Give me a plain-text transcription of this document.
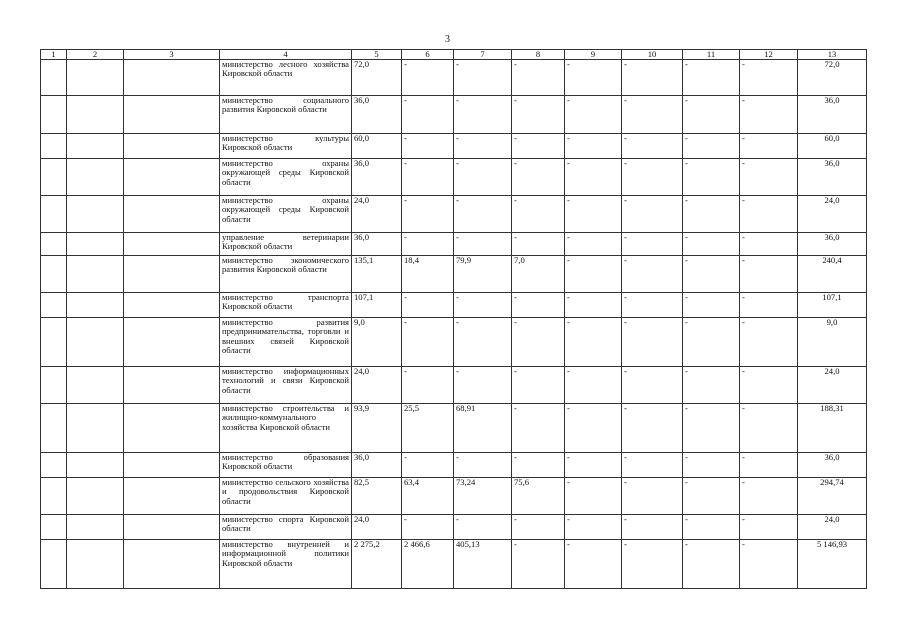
3
1	2	3	4	5	6	7	8	9	10	11	12	13
			министерство лесного хозяйства Кировской области	72,0	-	-	-	-	-	-	-	72,0
			министерство социального развития Кировской области	36,0	-	-	-	-	-	-	-	36,0
			министерство культуры Кировской области	60,0	-	-	-	-	-	-	-	60,0
			министерство охраны окружающей среды Кировской области	36,0	-	-	-	-	-	-	-	36,0
			министерство охраны окружающей среды Кировской области	24,0	-	-	-	-	-	-	-	24,0
			управление ветеринарии Кировской области	36,0	-	-	-	-	-	-	-	36,0
			министерство экономического развития Кировской области	135,1	18,4	79,9	7,0	-	-	-	-	240,4
			министерство транспорта Кировской области	107,1	-	-	-	-	-	-	-	107,1
			министерство развития предпринимательства, торговли и внешних связей Кировской области	9,0	-	-	-	-	-	-	-	9,0
			министерство информационных технологий и связи Кировской области	24,0	-	-	-	-	-	-	-	24,0
			министерство строительства и жилищно-коммунального хозяйства Кировской области	93,9	25,5	68,91	-	-	-	-	-	188,31
			министерство образования Кировской области	36,0	-	-	-	-	-	-	-	36,0
			министерство сельского хозяйства и продовольствия Кировской области	82,5	63,4	73,24	75,6	-	-	-	-	294,74
			министерство спорта Кировской области	24,0	-	-	-	-	-	-	-	24,0
			министерство внутренней и информационной политики Кировской области	2 275,2	2 466,6	405,13	-	-	-	-	-	5 146,93
